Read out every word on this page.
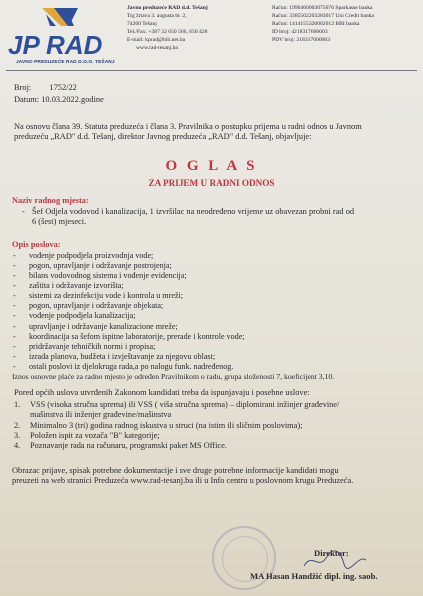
JP RAD
JAVNO PREDUZEĆE RAD D.O.O. TEŠANJ
Javno preduzeće RAD d.d. Tešanj
Trg žrtava 3. augusta br. 2,
74260 Tešanj
Tel./Fax: +387 32 650 566, 650 428
E-mail: kprad@bih.net.ba
www.rad-tesanj.ba
Račun: 1990460003075676 Sparkasse banka
Račun: 3385502203283017 Uni Credit banka
Račun: 1414155320002012 BBI banka
ID broj: 4218317600003
PDV broj: 218317600003
Broj: 1752/22
Datum: 10.03.2022.godine
Na osnovu člana 39. Statuta preduzeća i člana 3. Pravilnika o postupku prijema u radni odnos u Javnom
preduzeću „RAD" d.d. Tešanj, direktor Javnog preduzeća „RAD" d.d. Tešanj, objavljuje:
O G L A S
ZA PRIJEM U RADNI ODNOS
Naziv radnog mjesta:
- Šef Odjela vodovod i kanalizacija, 1 izvršilac na neodređeno vrijeme uz obavezan probni rad od
6 (šest) mjeseci.
Opis poslova:
- vođenje podpodjela proizvodnja vode;
- pogon, upravljanje i održavanje postrojenja;
- bilans vodovodnog sistema i vođenje evidencija;
- zaštita i održavanje izvorišta;
- sistemi za dezinfekciju vode i kontrola u mreži;
- pogon, upravljanje i održavanje objekata;
- vođenje podpodjela kanalizacija;
- upravljanje i održavanje kanalizacione mreže;
- koordinacija sa šefom ispitne laboratorije, prerade i kontrole vode;
- pridržavanje tehničkih normi i propisa;
- izrada planova, budžeta i izvještavanje za njegovu oblast;
- ostali poslovi iz djelokruga rada,a po nalogu funk. nadređenog.
Iznos osnovne plaće za radno mjesto je određen Pravilnikom o radu, grupa složenosti 7, koeficijent 3,10.
Pored općih uslova utvrđenih Zakonom kandidati treba da ispunjavaju i posebne uslove:
1. VSS (visoka stručna sprema) ili VSS ( viša stručna sprema) – diplomirani inžinjer građevine/
mašinstva ili inženjer građevine/mašinstva
2. Minimalno 3 (tri) godina radnog iskustva u struci (na istim ili sličnim poslovima);
3. Položen ispit za vozača "B" kategorije;
4. Poznavanje rada na računaru, programski paket MS Office.
Obrazac prijave, spisak potrebne dokumentacije i sve druge potrebne informacije kandidati mogu
preuzeti na web stranici Preduzeća www.rad-tesanj.ba ili u Info centru u poslovnom krugu Preduzeća.
Direktor:
MA Hasan Handžić dipl. ing. saob.
